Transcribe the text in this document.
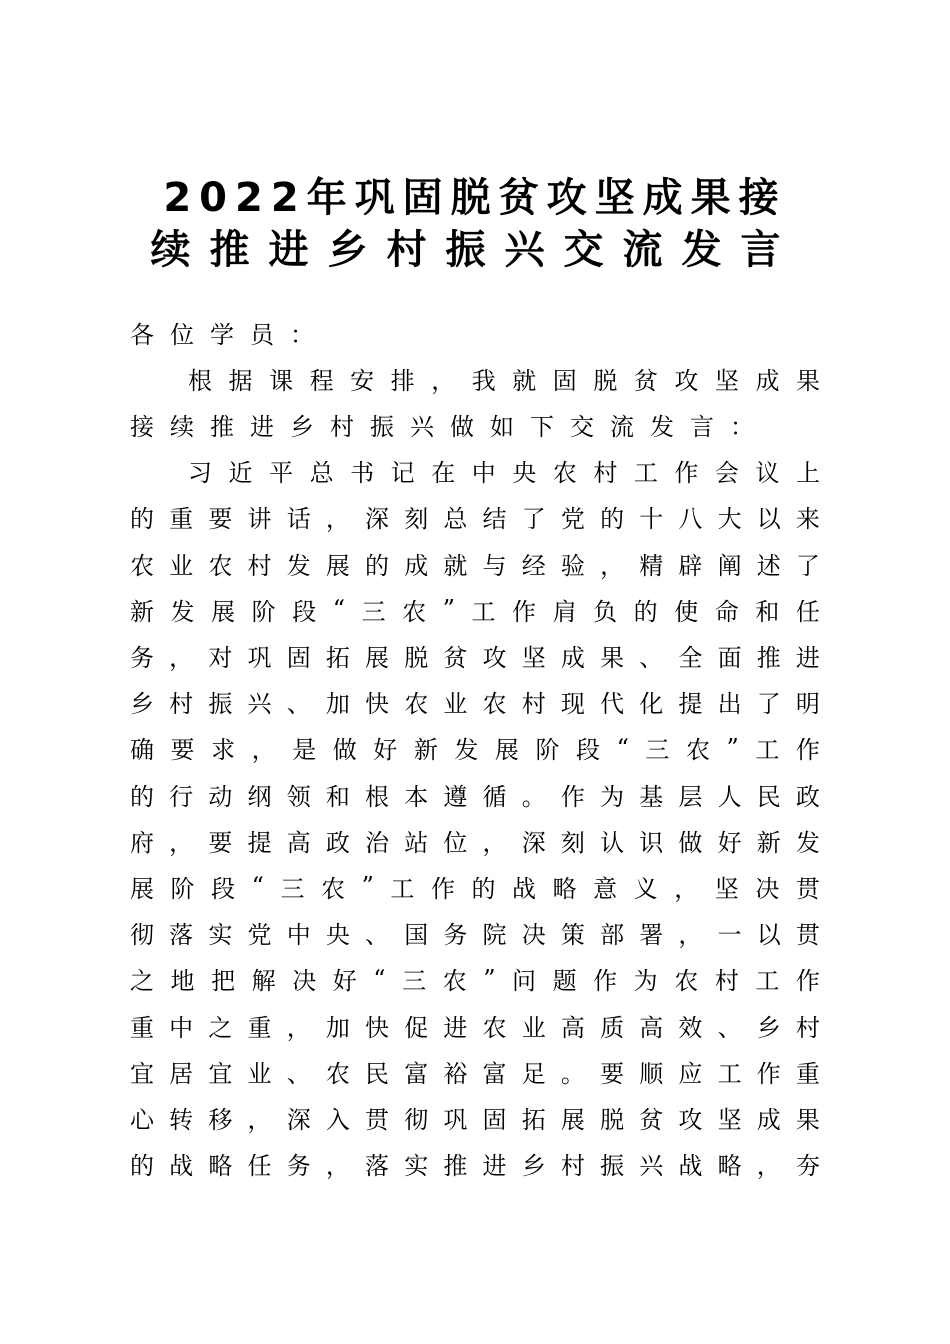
2022年巩固脱贫攻坚成果接
续推进乡村振兴交流发言
各 位 学 员 ：
根 据 课 程 安 排 ， 我 就 固 脱 贫 攻 坚 成 果
接 续 推 进 乡 村 振 兴 做 如 下 交 流 发 言 ：
习 近 平 总 书 记 在 中 央 农 村 工 作 会 议 上
的 重 要 讲 话 ， 深 刻 总 结 了 党 的 十 八 大 以 来
农 业 农 村 发 展 的 成 就 与 经 验 ， 精 辟 阐 述 了
新 发 展 阶 段 “ 三 农 ” 工 作 肩 负 的 使 命 和 任
务 ， 对 巩 固 拓 展 脱 贫 攻 坚 成 果 、 全 面 推 进
乡 村 振 兴 、 加 快 农 业 农 村 现 代 化 提 出 了 明
确 要 求 ， 是 做 好 新 发 展 阶 段 “ 三 农 ” 工 作
的 行 动 纲 领 和 根 本 遵 循 。 作 为 基 层 人 民 政
府 ， 要 提 高 政 治 站 位 ， 深 刻 认 识 做 好 新 发
展 阶 段 “ 三 农 ” 工 作 的 战 略 意 义 ， 坚 决 贯
彻 落 实 党 中 央 、 国 务 院 决 策 部 署 ， 一 以 贯
之 地 把 解 决 好 “ 三 农 ” 问 题 作 为 农 村 工 作
重 中 之 重 ， 加 快 促 进 农 业 高 质 高 效 、 乡 村
宜 居 宜 业 、 农 民 富 裕 富 足 。 要 顺 应 工 作 重
心 转 移 ， 深 入 贯 彻 巩 固 拓 展 脱 贫 攻 坚 成 果
的 战 略 任 务 ， 落 实 推 进 乡 村 振 兴 战 略 ， 夯
